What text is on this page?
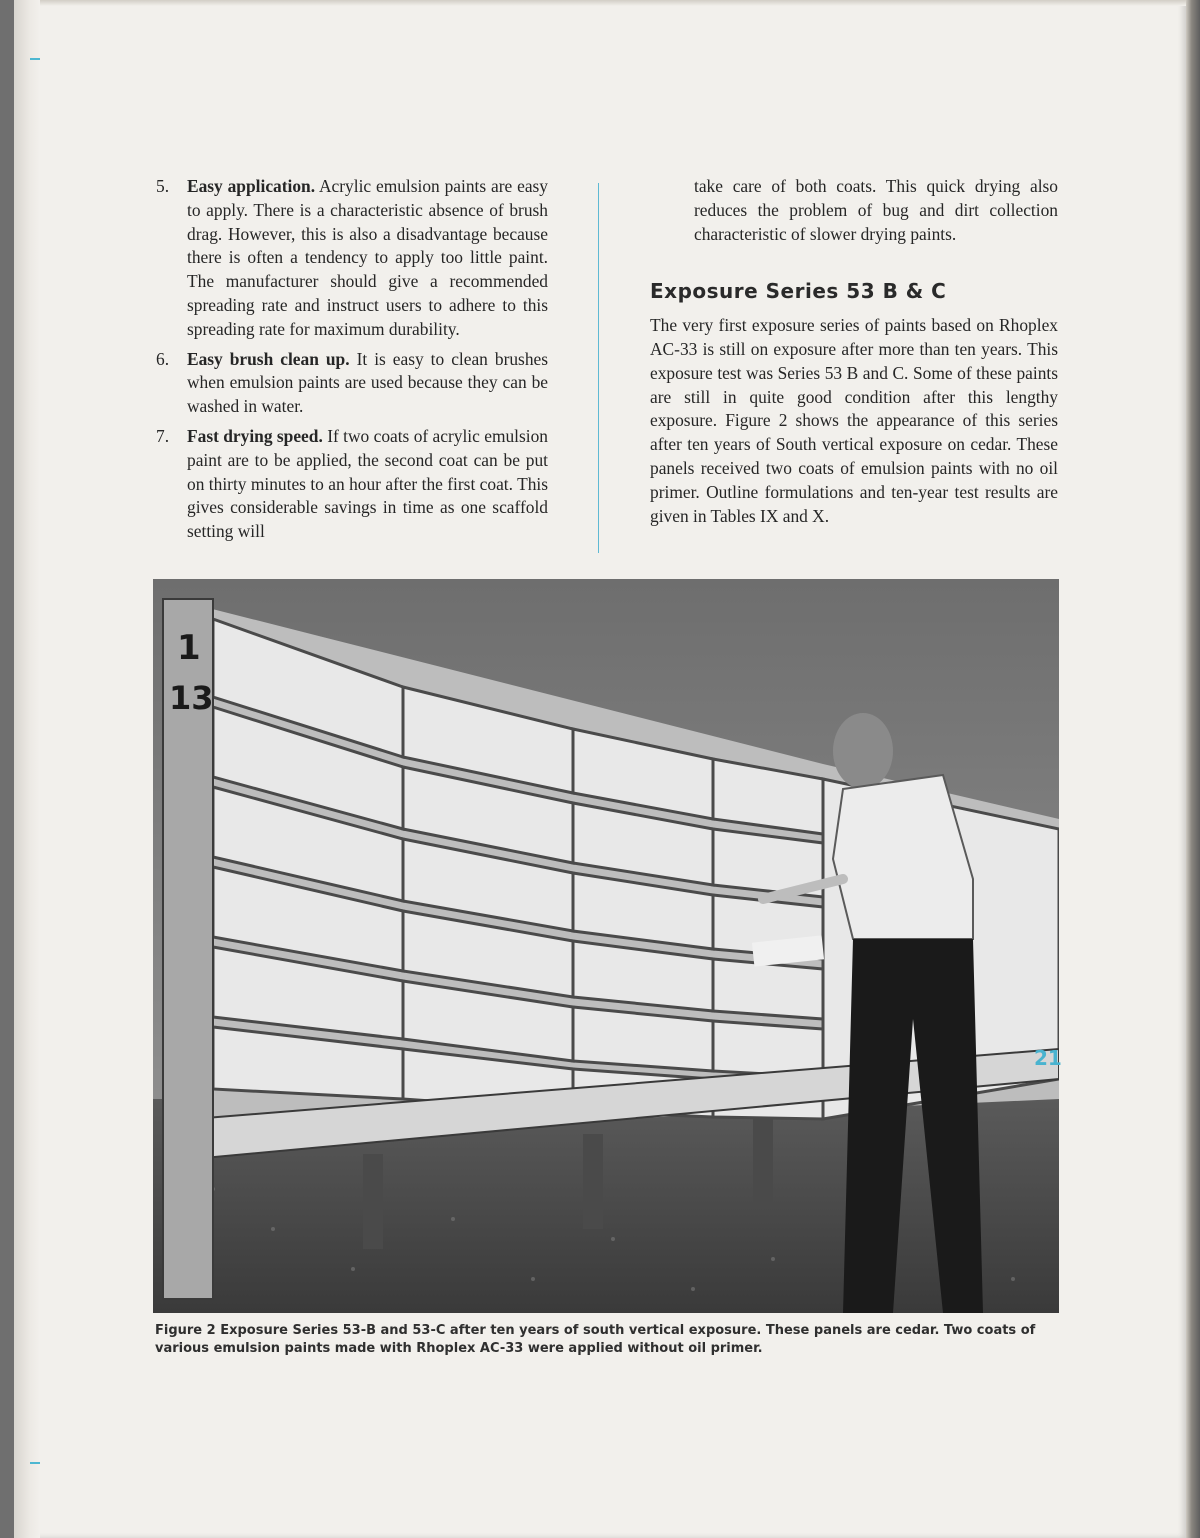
5.	Easy application. Acrylic emulsion paints are easy to apply. There is a characteristic absence of brush drag. However, this is also a disadvantage because there is often a tendency to apply too little paint. The manufacturer should give a recommended spreading rate and instruct users to adhere to this spreading rate for maximum durability.
6.	Easy brush clean up. It is easy to clean brushes when emulsion paints are used because they can be washed in water.
7.	Fast drying speed. If two coats of acrylic emulsion paint are to be applied, the second coat can be put on thirty minutes to an hour after the first coat. This gives considerable savings in time as one scaffold setting will
take care of both coats. This quick drying also reduces the problem of bug and dirt collection characteristic of slower drying paints.
Exposure Series 53 B & C
The very first exposure series of paints based on Rhoplex AC-33 is still on exposure after more than ten years. This exposure test was Series 53 B and C. Some of these paints are still in quite good condition after this lengthy exposure. Figure 2 shows the appearance of this series after ten years of South vertical exposure on cedar. These panels received two coats of emulsion paints with no oil primer. Outline formulations and ten-year test results are given in Tables IX and X.
1
13
Figure 2 Exposure Series 53-B and 53-C after ten years of south vertical exposure. These panels are cedar. Two coats of various emulsion paints made with Rhoplex AC-33 were applied without oil primer.
21
